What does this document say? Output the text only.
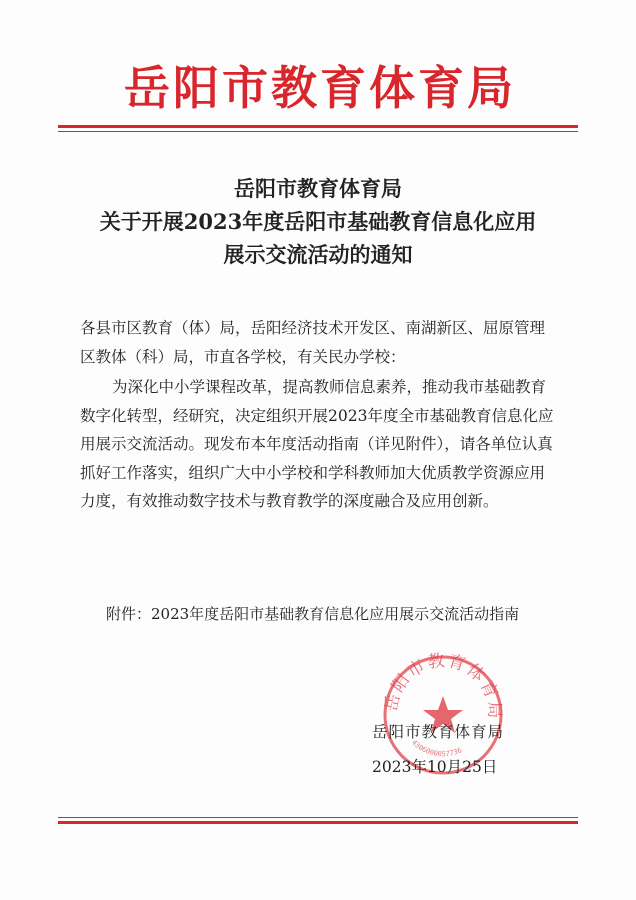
岳阳市教育体育局
岳阳市教育体育局
关于开展2023年度岳阳市基础教育信息化应用
展示交流活动的通知

各县市区教育（体）局，岳阳经济技术开发区、南湖新区、屈原管理区教体（科）局，市直各学校，有关民办学校：

为深化中小学课程改革，提高教师信息素养，推动我市基础教育数字化转型，经研究，决定组织开展2023年度全市基础教育信息化应用展示交流活动。现发布本年度活动指南（详见附件），请各单位认真抓好工作落实，组织广大中小学校和学科教师加大优质教学资源应用力度，有效推动数字技术与教育教学的深度融合及应用创新。

附件：2023年度岳阳市基础教育信息化应用展示交流活动指南
岳阳市教育体育局
4306000057736
岳阳市教育体育局
2023年10月25日
